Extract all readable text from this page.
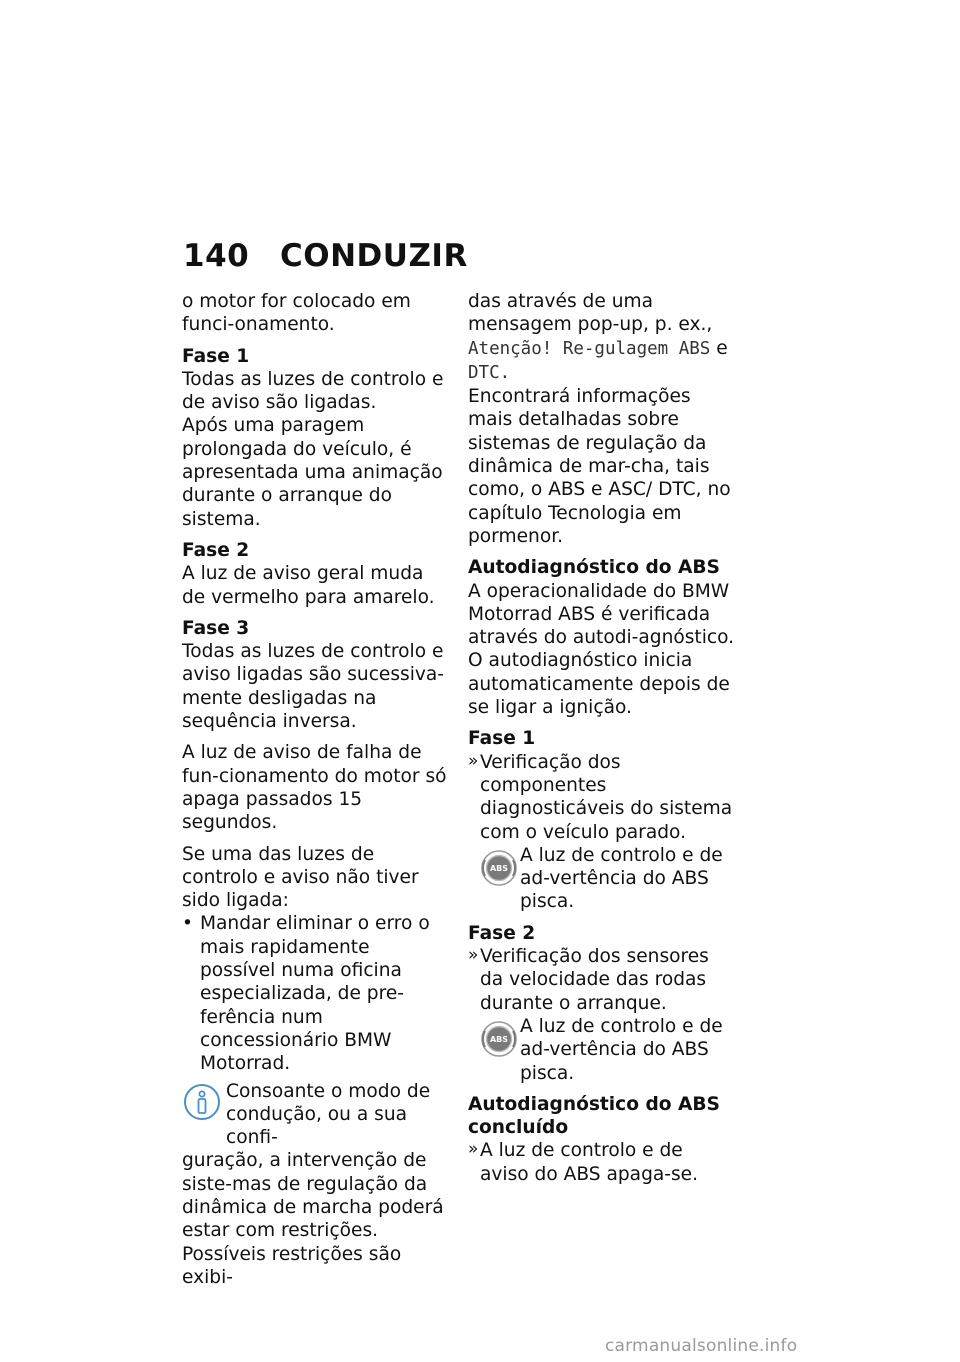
140 CONDUZIR

o motor for colocado em funci-onamento.

Fase 1

Todas as luzes de controlo e de aviso são ligadas.

Após uma paragem prolongada do veículo, é apresentada uma animação durante o arranque do sistema.

Fase 2

A luz de aviso geral muda de vermelho para amarelo.

Fase 3

Todas as luzes de controlo e aviso ligadas são sucessiva-mente desligadas na sequência inversa.

A luz de aviso de falha de fun-cionamento do motor só apaga passados 15 segundos.

Se uma das luzes de controlo e aviso não tiver sido ligada:

• Mandar eliminar o erro o mais rapidamente possível numa oficina especializada, de pre-ferência num concessionário BMW Motorrad.

Consoante o modo de

condução, ou a sua confi-

guração, a intervenção de siste-mas de regulação da dinâmica de marcha poderá estar com restrições.

Possíveis restrições são exibi-

das através de uma mensagem pop-up, p. ex., Atenção! Re-gulagem ABS e DTC.

Encontrará informações mais detalhadas sobre sistemas de regulação da dinâmica de mar-cha, tais como, o ABS e ASC/ DTC, no capítulo Tecnologia em pormenor.

Autodiagnóstico do ABS

A operacionalidade do BMW Motorrad ABS é verificada através do autodi-agnóstico. O autodiagnóstico inicia automaticamente depois de se ligar a ignição.

Fase 1

» Verificação dos componentes diagnosticáveis do sistema com o veículo parado.
ABS
A luz de controlo e de ad-vertência do ABS pisca.

Fase 2

» Verificação dos sensores da velocidade das rodas durante o arranque.
ABS
A luz de controlo e de ad-vertência do ABS pisca.

Autodiagnóstico do ABS concluído

» A luz de controlo e de aviso do ABS apaga-se.
carmanualsonline.info
